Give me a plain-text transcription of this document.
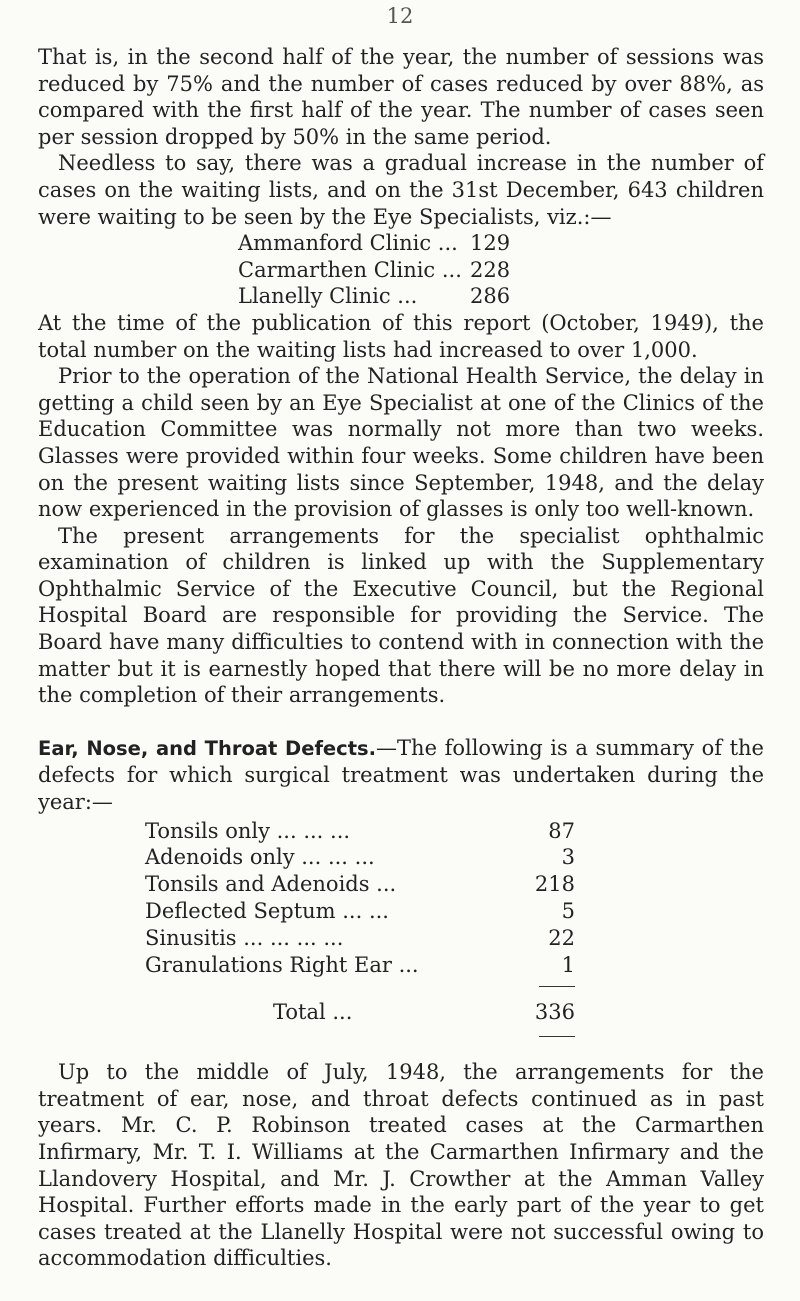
12

That is, in the second half of the year, the number of sessions was reduced by 75% and the number of cases reduced by over 88%, as compared with the first half of the year. The number of cases seen per session dropped by 50% in the same period.

Needless to say, there was a gradual increase in the number of cases on the waiting lists, and on the 31st December, 643 children were waiting to be seen by the Eye Specialists, viz.:—

Ammanford Clinic ... 129
Carmarthen Clinic ... 228
Llanelly Clinic ...	286

At the time of the publication of this report (October, 1949), the total number on the waiting lists had increased to over 1,000.

Prior to the operation of the National Health Service, the delay in getting a child seen by an Eye Specialist at one of the Clinics of the Education Committee was normally not more than two weeks. Glasses were provided within four weeks. Some children have been on the present waiting lists since September, 1948, and the delay now experienced in the provision of glasses is only too well-known.

The present arrangements for the specialist ophthalmic examination of children is linked up with the Supplementary Ophthalmic Service of the Executive Council, but the Regional Hospital Board are responsible for providing the Service. The Board have many difficulties to contend with in connection with the matter but it is earnestly hoped that there will be no more delay in the completion of their arrangements.

Ear, Nose, and Throat Defects.—The following is a summary of the defects for which surgical treatment was undertaken during the year:—

Tonsils only ... ... ...	87
Adenoids only ... ... ...	3
Tonsils and Adenoids ...	218
Deflected Septum ... ...	5
Sinusitis ... ... ... ...	22
Granulations Right Ear ...	1
Total ...	336

Up to the middle of July, 1948, the arrangements for the treatment of ear, nose, and throat defects continued as in past years. Mr. C. P. Robinson treated cases at the Carmarthen Infirmary, Mr. T. I. Williams at the Carmarthen Infirmary and the Llandovery Hospital, and Mr. J. Crowther at the Amman Valley Hospital. Further efforts made in the early part of the year to get cases treated at the Llanelly Hospital were not successful owing to accommodation difficulties.
